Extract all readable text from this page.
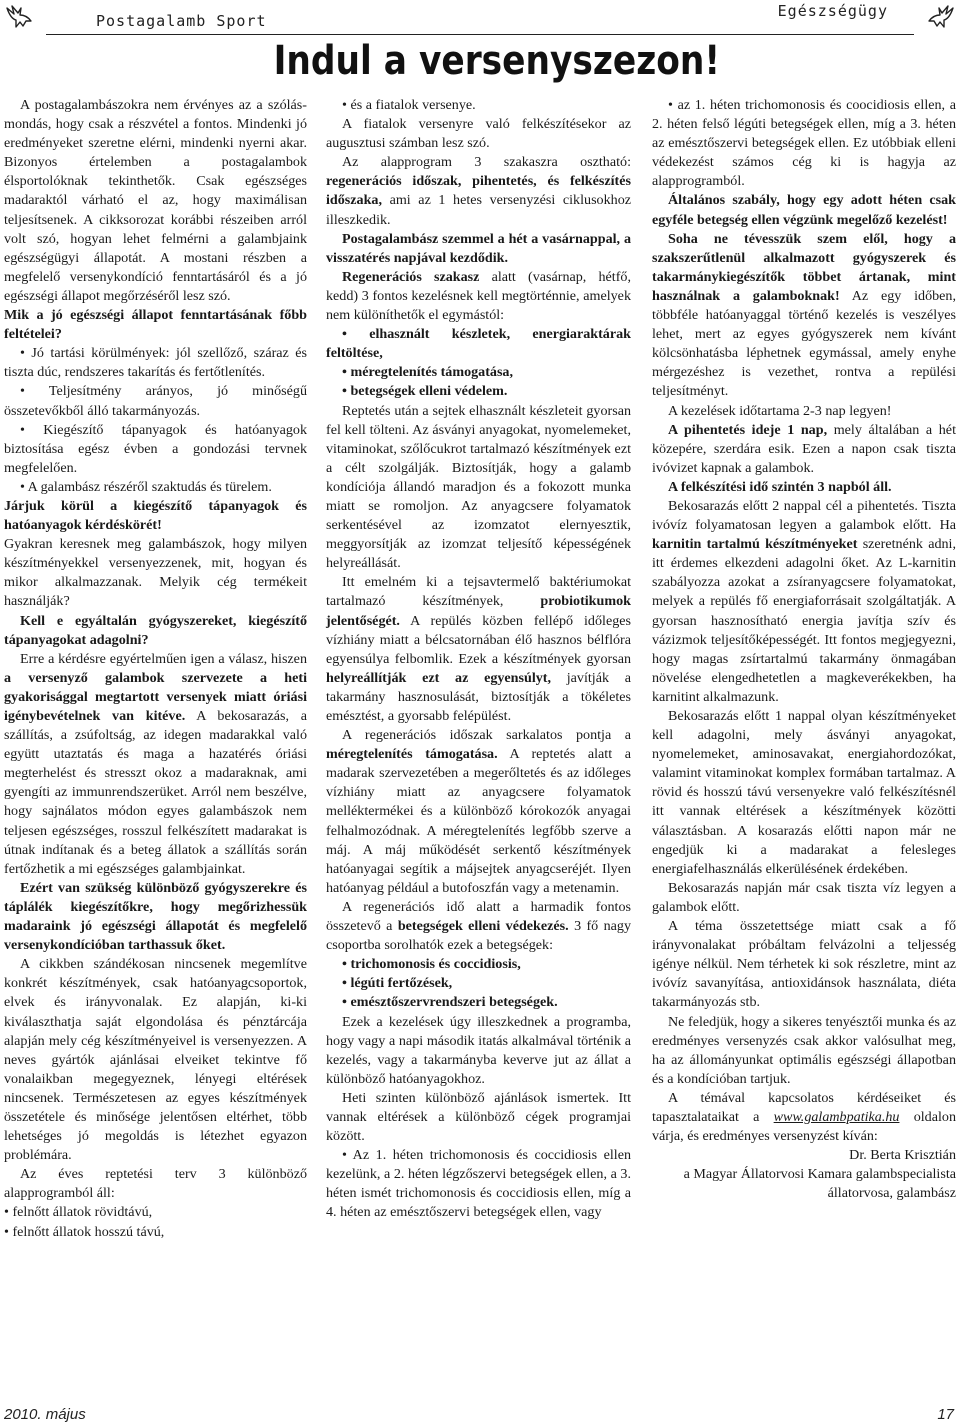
Postagalamb Sport
Egészségügy
Indul a versenyszezon!

A postagalambászokra nem érvényes az a szólás-mondás, hogy csak a részvétel a fontos. Mindenki jó eredményeket szeretne elérni, mindenki nyerni akar. Bizonyos értelemben a postagalambok élsportolóknak tekinthetők. Csak egészséges madaraktól várható el az, hogy maximálisan teljesítsenek. A cikksorozat korábbi részeiben arról volt szó, hogyan lehet felmérni a galambjaink egészségügyi állapotát. A mostani részben a megfelelő versenykondíció fenntartásáról és a jó egészségi állapot megőrzéséről lesz szó.

Mik a jó egészségi állapot fenntartásának főbb feltételei?

• Jó tartási körülmények: jól szellőző, száraz és tiszta dúc, rendszeres takarítás és fertőtlenítés.

• Teljesítmény arányos, jó minőségű összetevőkből álló takarmányozás.

• Kiegészítő tápanyagok és hatóanyagok biztosítása egész évben a gondozási tervnek megfelelően.

• A galambász részéről szaktudás és türelem.

Járjuk körül a kiegészítő tápanyagok és hatóanyagok kérdéskörét!

Gyakran keresnek meg galambászok, hogy milyen készítményekkel versenyezzenek, mit, hogyan és mikor alkalmazzanak. Melyik cég termékeit használják?

Kell e egyáltalán gyógyszereket, kiegészítő tápanyagokat adagolni?

Erre a kérdésre egyértelműen igen a válasz, hiszen a versenyző galambok szervezete a heti gyakorisággal megtartott versenyek miatt óriási igénybevételnek van kitéve. A bekosarazás, a szállítás, a zsúfoltság, az idegen madarakkal való együtt utaztatás és maga a hazatérés óriási megterhelést és stresszt okoz a madaraknak, ami gyengíti az immunrendszerüket. Arról nem beszélve, hogy sajnálatos módon egyes galambászok nem teljesen egészséges, rosszul felkészített madarakat is útnak indítanak és a beteg állatok a szállítás során fertőzhetik a mi egészséges galambjainkat.

Ezért van szükség különböző gyógyszerekre és táplálék kiegészítőkre, hogy megőrizhessük madaraink jó egészségi állapotát és megfelelő versenykondícióban tarthassuk őket.

A cikkben szándékosan nincsenek megemlítve konkrét készítmények, csak hatóanyagcsoportok, elvek és irányvonalak. Ez alapján, ki-ki kiválaszthatja saját elgondolása és pénztárcája alapján mely cég készítményeivel is versenyezzen. A neves gyártók ajánlásai elveiket tekintve fő vonalaikban megegyeznek, lényegi eltérések nincsenek. Természetesen az egyes készítmények összetétele és minősége jelentősen eltérhet, több lehetséges jó megoldás is létezhet egyazon problémára.

Az éves reptetési terv 3 különböző alapprogramból áll:

• felnőtt állatok rövidtávú,

• felnőtt állatok hosszú távú,

• és a fiatalok versenye.

A fiatalok versenyre való felkészítésekor az augusztusi számban lesz szó.

Az alapprogram 3 szakaszra osztható: regenerációs időszak, pihentetés, és felkészítés időszaka, ami az 1 hetes versenyzési ciklusokhoz illeszkedik.

Postagalambász szemmel a hét a vasárnappal, a visszatérés napjával kezdődik.

Regenerációs szakasz alatt (vasárnap, hétfő, kedd) 3 fontos kezelésnek kell megtörténnie, amelyek nem különíthetők el egymástól:

• elhasznált készletek, energiaraktárak feltöltése,

• méregtelenítés támogatása,

• betegségek elleni védelem.

Reptetés után a sejtek elhasznált készleteit gyorsan fel kell tölteni. Az ásványi anyagokat, nyomelemeket, vitaminokat, szőlőcukrot tartalmazó készítmények ezt a célt szolgálják. Biztosítják, hogy a galamb kondíciója állandó maradjon és a fokozott munka miatt se romoljon. Az anyagcsere folyamatok serkentésével az izomzatot elernyesztik, meggyorsítják az izomzat teljesítő képességének helyreállását.

Itt emelném ki a tejsavtermelő baktériumokat tartalmazó készítmények,	probiotikumok jelentőségét. A repülés közben fellépő időleges vízhiány miatt a bélcsatornában élő hasznos bélflóra egyensúlya felbomlik. Ezek a készítmények gyorsan helyreállítják ezt az egyensúlyt, javítják a takarmány hasznosulását, biztosítják a tökéletes emésztést, a gyorsabb felépülést.

A regenerációs időszak sarkalatos pontja a méregtelenítés támogatása. A reptetés alatt a madarak szervezetében a megerőltetés és az időleges vízhiány miatt az anyagcsere folyamatok melléktermékei és a különböző kórokozók anyagai felhalmozódnak. A méregtelenítés legfőbb szerve a máj. A máj működését serkentő készítmények hatóanyagai segítik a májsejtek anyagcseréjét. Ilyen hatóanyag például a butofoszfán vagy a metenamin.

A regenerációs idő alatt a harmadik fontos összetevő a betegségek elleni védekezés. 3 fő nagy csoportba sorolhatók ezek a betegségek:

• trichomonosis és coccidiosis,

• légúti fertőzések,

• emésztőszervrendszeri betegségek.

Ezek a kezelések úgy illeszkednek a programba, hogy vagy a napi második itatás alkalmával történik a kezelés, vagy a takarmányba keverve jut az állat a különböző hatóanyagokhoz.

Heti szinten különböző ajánlások ismertek. Itt vannak eltérések a különböző cégek programjai között.

• Az 1. héten trichomonosis és coccidiosis ellen kezelünk, a 2. héten légzőszervi betegségek ellen, a 3. héten ismét trichomonosis és coccidiosis ellen, míg a 4. héten az emésztőszervi betegségek ellen, vagy

• az 1. héten trichomonosis és coocidiosis ellen, a 2. héten felső légúti betegségek ellen, míg a 3. héten az emésztőszervi betegségek ellen. Ez utóbbiak elleni védekezést számos cég ki is hagyja az alapprogramból.

Általános szabály, hogy egy adott héten csak egyféle betegség ellen végzünk megelőző kezelést!

Soha ne tévesszük szem elől, hogy a szakszerűtlenül alkalmazott gyógyszerek és takarmánykiegészítők többet ártanak, mint használnak a galamboknak! Az egy időben, többféle hatóanyaggal történő kezelés is veszélyes lehet, mert az egyes gyógyszerek nem kívánt kölcsönhatásba léphetnek egymással, amely enyhe mérgezéshez is vezethet, rontva a repülési teljesítményt.

A kezelések időtartama 2-3 nap legyen!

A pihentetés ideje 1 nap, mely általában a hét közepére, szerdára esik. Ezen a napon csak tiszta ivóvizet kapnak a galambok.

A felkészítési idő szintén 3 napból áll.

Bekosarazás előtt 2 nappal cél a pihentetés. Tiszta ivóvíz folyamatosan legyen a galambok előtt. Ha karnitin tartalmú készítményeket szeretnénk adni, itt érdemes elkezdeni adagolni őket. Az L-karnitin szabályozza azokat a zsíranyagcsere folyamatokat, melyek a repülés fő energiaforrásait szolgáltatják. A gyorsan hasznosítható energia javítja szív és vázizmok teljesítőképességét. Itt fontos megjegyezni, hogy magas zsírtartalmú takarmány önmagában növelése elengedhetetlen a magkeverékekben, ha karnitint alkalmazunk.

Bekosarazás előtt 1 nappal olyan készítményeket kell adagolni, mely ásványi anyagokat, nyomelemeket, aminosavakat, energiahordozókat, valamint vitaminokat komplex formában tartalmaz. A rövid és hosszú távú versenyekre való felkészítésnél itt vannak eltérések a készítmények közötti választásban. A kosarazás előtti napon már ne engedjük ki a madarakat a felesleges energiafelhasználás elkerülésének érdekében.

Bekosarazás napján már csak tiszta víz legyen a galambok előtt.

A téma összetettsége miatt csak a fő irányvonalakat próbáltam felvázolni a teljesség igénye nélkül. Nem térhetek ki sok részletre, mint az ivóvíz savanyítása, antioxidánsok használata, diéta takarmányozás stb.

Ne feledjük, hogy a sikeres tenyésztői munka és az eredményes versenyzés csak akkor valósulhat meg, ha az állományunkat optimális egészségi állapotban és a kondícióban tartjuk.

A témával kapcsolatos kérdéseiket és tapasztalataikat a www.galambpatika.hu oldalon várja, és eredményes versenyzést kíván:

Dr. Berta Krisztián

a Magyar Állatorvosi Kamara galambspecialista állatorvosa, galambász

2010. május	17
